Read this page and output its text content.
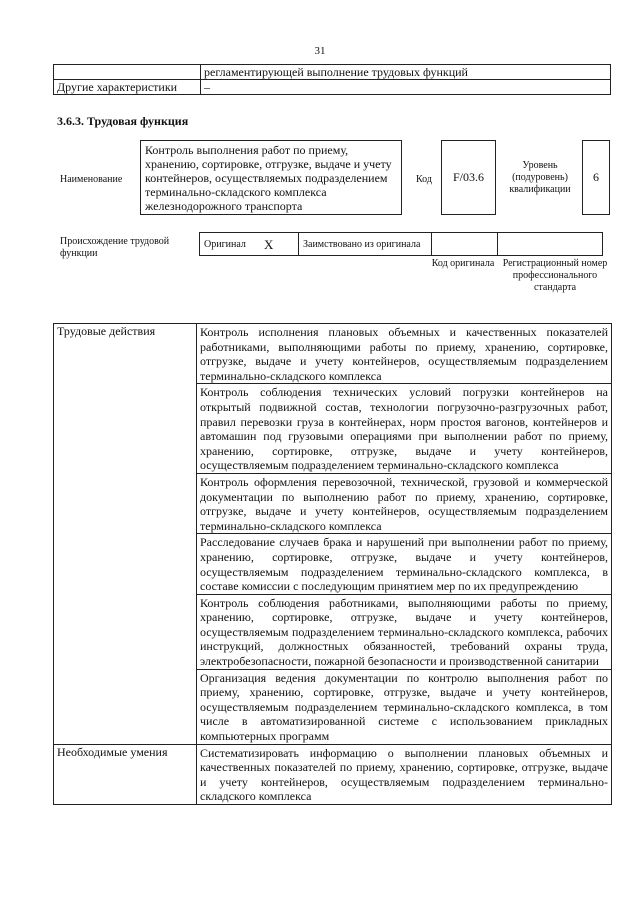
31
	регламентирующей выполнение трудовых функций
Другие характеристики	–
3.6.3. Трудовая функция
Наименование
Контроль выполнения работ по приему, хранению, сортировке, отгрузке, выдаче и учету контейнеров, осуществляемых подразделением терминально-складского комплекса железнодорожного транспорта
Код	F/03.6
Уровень (подуровень) квалификации
6
Происхождение трудовой функции
Оригинал	X	Заимствовано из оригинала		
Код оригинала Регистрационный номер профессионального стандарта
Трудовые действия	Контроль исполнения плановых объемных и качественных показателей работниками, выполняющими работы по приему, хранению, сортировке, отгрузке, выдаче и учету контейнеров, осуществляемым подразделением терминально-складского комплекса
	Контроль соблюдения технических условий погрузки контейнеров на открытый подвижной состав, технологии погрузочно-разгрузочных работ, правил перевозки груза в контейнерах, норм простоя вагонов, контейнеров и автомашин под грузовыми операциями при выполнении работ по приему, хранению, сортировке, отгрузке, выдаче и учету контейнеров, осуществляемым подразделением терминально-складского комплекса
	Контроль оформления перевозочной, технической, грузовой и коммерческой документации по выполнению работ по приему, хранению, сортировке, отгрузке, выдаче и учету контейнеров, осуществляемым подразделением терминально-складского комплекса
	Расследование случаев брака и нарушений при выполнении работ по приему, хранению, сортировке, отгрузке, выдаче и учету контейнеров, осуществляемым подразделением терминально-складского комплекса, в составе комиссии с последующим принятием мер по их предупреждению
	Контроль соблюдения работниками, выполняющими работы по приему, хранению, сортировке, отгрузке, выдаче и учету контейнеров, осуществляемым подразделением терминально-складского комплекса, рабочих инструкций, должностных обязанностей, требований охраны труда, электробезопасности, пожарной безопасности и производственной санитарии
	Организация ведения документации по контролю выполнения работ по приему, хранению, сортировке, отгрузке, выдаче и учету контейнеров, осуществляемым подразделением терминально-складского комплекса, в том числе в автоматизированной системе с использованием прикладных компьютерных программ
Необходимые умения	Систематизировать информацию о выполнении плановых объемных и качественных показателей по приему, хранению, сортировке, отгрузке, выдаче и учету контейнеров, осуществляемым подразделением терминально-складского комплекса
